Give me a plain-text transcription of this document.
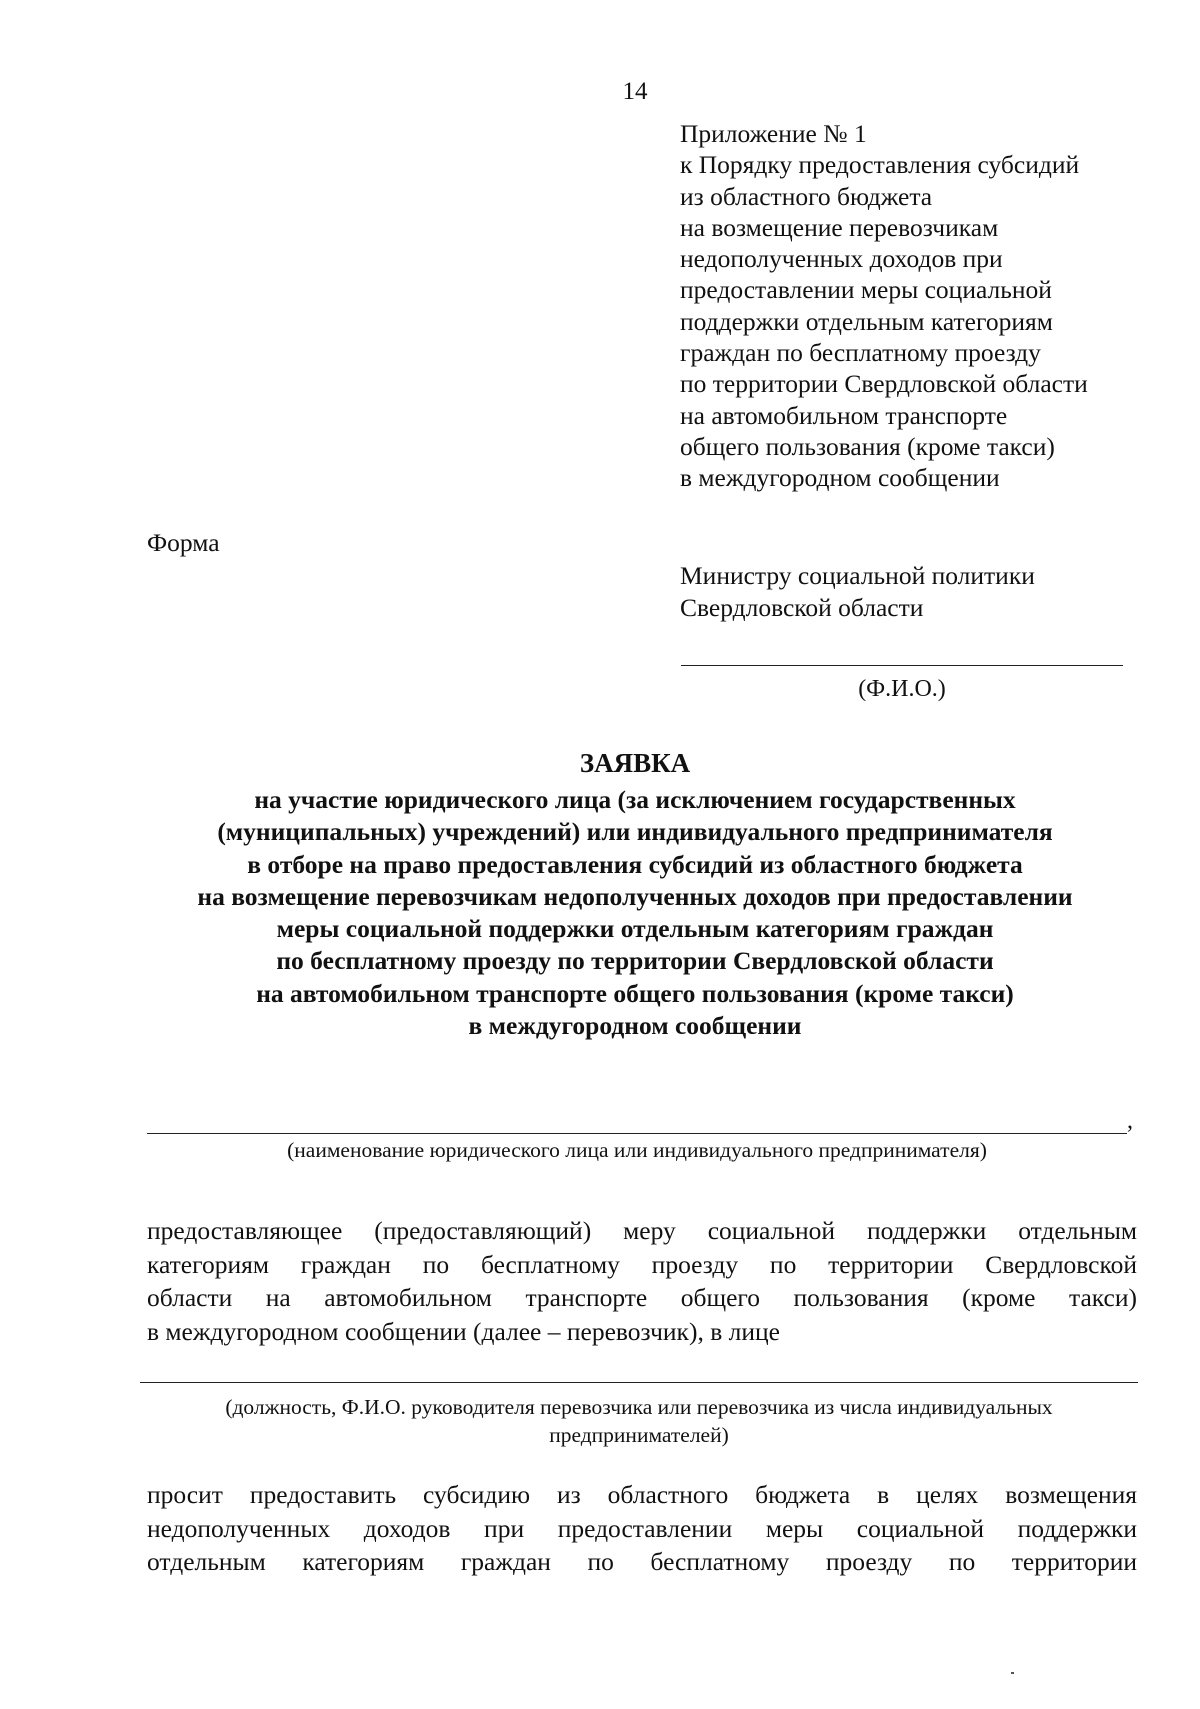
14
Приложение № 1
к Порядку предоставления субсидий
из областного бюджета
на возмещение перевозчикам
недополученных доходов при
предоставлении меры социальной
поддержки отдельным категориям
граждан по бесплатному проезду
по территории Свердловской области
на автомобильном транспорте
общего пользования (кроме такси)
в междугородном сообщении
Форма
Министру социальной политики
Свердловской области
(Ф.И.О.)
ЗАЯВКА
на участие юридического лица (за исключением государственных
(муниципальных) учреждений) или индивидуального предпринимателя
в отборе на право предоставления субсидий из областного бюджета
на возмещение перевозчикам недополученных доходов при предоставлении
меры социальной поддержки отдельным категориям граждан
по бесплатному проезду по территории Свердловской области
на автомобильном транспорте общего пользования (кроме такси)
в междугородном сообщении
,
(наименование юридического лица или индивидуального предпринимателя)
предоставляющее (предоставляющий) меру социальной поддержки отдельным
категориям граждан по бесплатному проезду по территории Свердловской
области на автомобильном транспорте общего пользования (кроме такси)
в междугородном сообщении (далее – перевозчик), в лице
(должность, Ф.И.О. руководителя перевозчика или перевозчика из числа индивидуальных
предпринимателей)
просит предоставить субсидию из областного бюджета в целях возмещения
недополученных доходов при предоставлении меры социальной поддержки
отдельным категориям граждан по бесплатному проезду по территории
